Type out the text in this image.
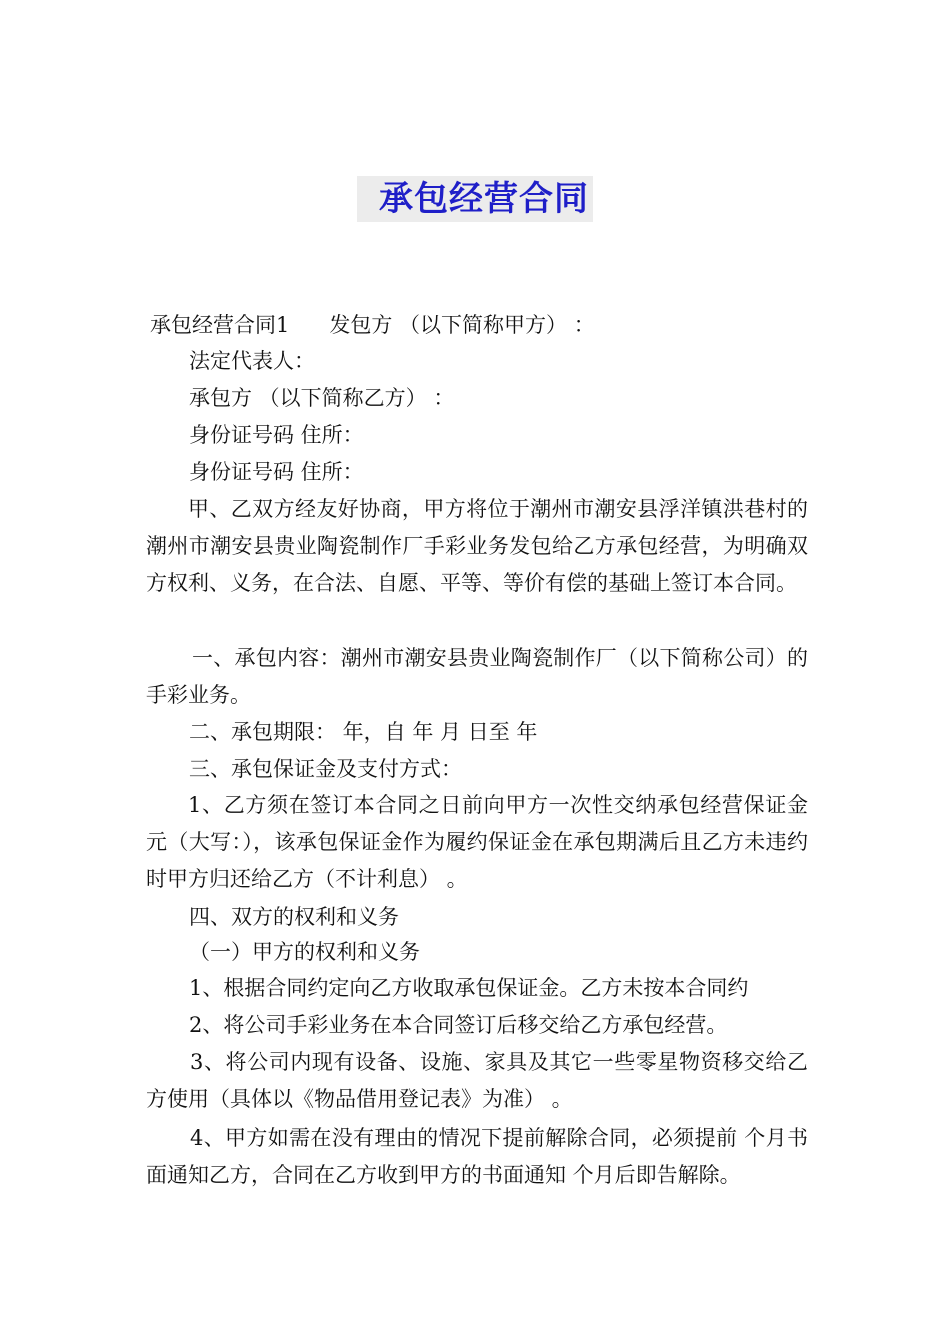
承包经营合同
承包经营合同1 发包方 （以下简称甲方） ：
法定代表人：
承包方 （以下简称乙方） ：
身份证号码 住所：
身份证号码 住所：
甲、乙双方经友好协商，甲方将位于潮州市潮安县浮洋镇洪巷村的潮州市潮安县贵业陶瓷制作厂手彩业务发包给乙方承包经营，为明确双方权利、义务，在合法、自愿、平等、等价有偿的基础上签订本合同。
一、承包内容：潮州市潮安县贵业陶瓷制作厂（以下简称公司）的手彩业务。
二、承包期限： 年，自 年 月 日至 年
三、承包保证金及支付方式：
1、乙方须在签订本合同之日前向甲方一次性交纳承包经营保证金 元（大写：），该承包保证金作为履约保证金在承包期满后且乙方未违约时甲方归还给乙方（不计利息） 。
四、双方的权利和义务
（一）甲方的权利和义务
1、根据合同约定向乙方收取承包保证金。乙方未按本合同约
2、将公司手彩业务在本合同签订后移交给乙方承包经营。
3、将公司内现有设备、设施、家具及其它一些零星物资移交给乙方使用（具体以《物品借用登记表》为准） 。
4、甲方如需在没有理由的情况下提前解除合同，必须提前 个月书面通知乙方，合同在乙方收到甲方的书面通知 个月后即告解除。
